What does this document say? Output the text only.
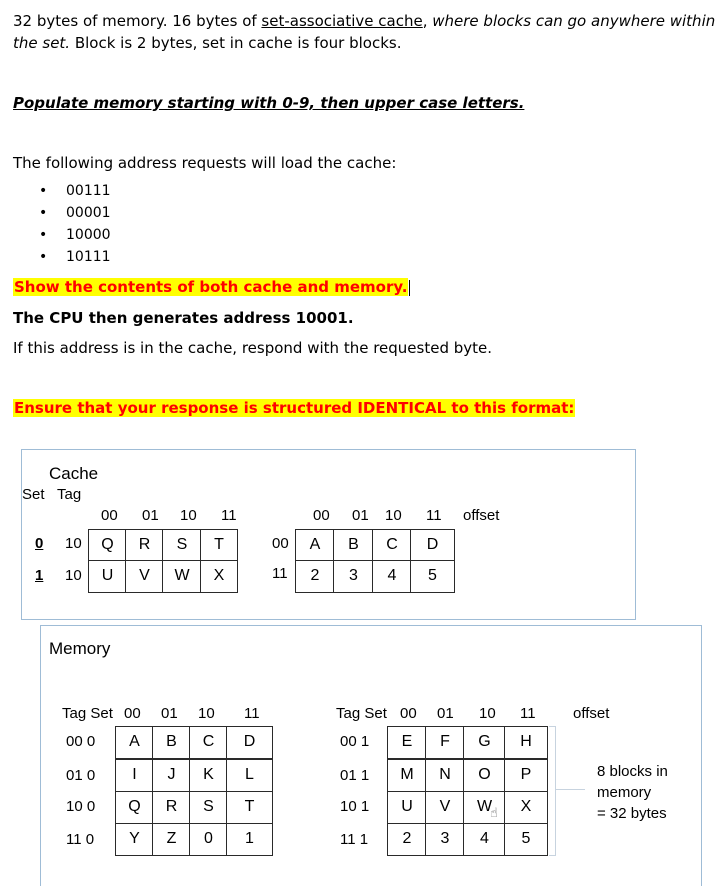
32 bytes of memory. 16 bytes of set-associative cache, where blocks can go anywhere within the set. Block is 2 bytes, set in cache is four blocks.
Populate memory starting with 0-9, then upper case letters.
The following address requests will load the cache:
• 00111
• 00001
• 10000
• 10111
Show the contents of both cache and memory.
The CPU then generates address 10001.
If this address is in the cache, respond with the requested byte.
Ensure that your response is structured IDENTICAL to this format:
Cache
Set Tag
00 01 10 11	00 01 10 11 offset
0 10	Q	R	S	T	00	A	B	C	D
1 10	U	V	W	X	11	2	3	4	5
Memory
Tag Set 00 01 10 11	Tag Set 00 01 10 11 offset
00 0	A	B	C	D
01 0	I	J	K	L
10 0	Q	R	S	T
11 0	Y	Z	0	1
00 1	E	F	G	H
01 1	M	N	O	P
10 1	U	V	W	X
11 1	2	3	4	5
☝
8 blocks in
memory
= 32 bytes
